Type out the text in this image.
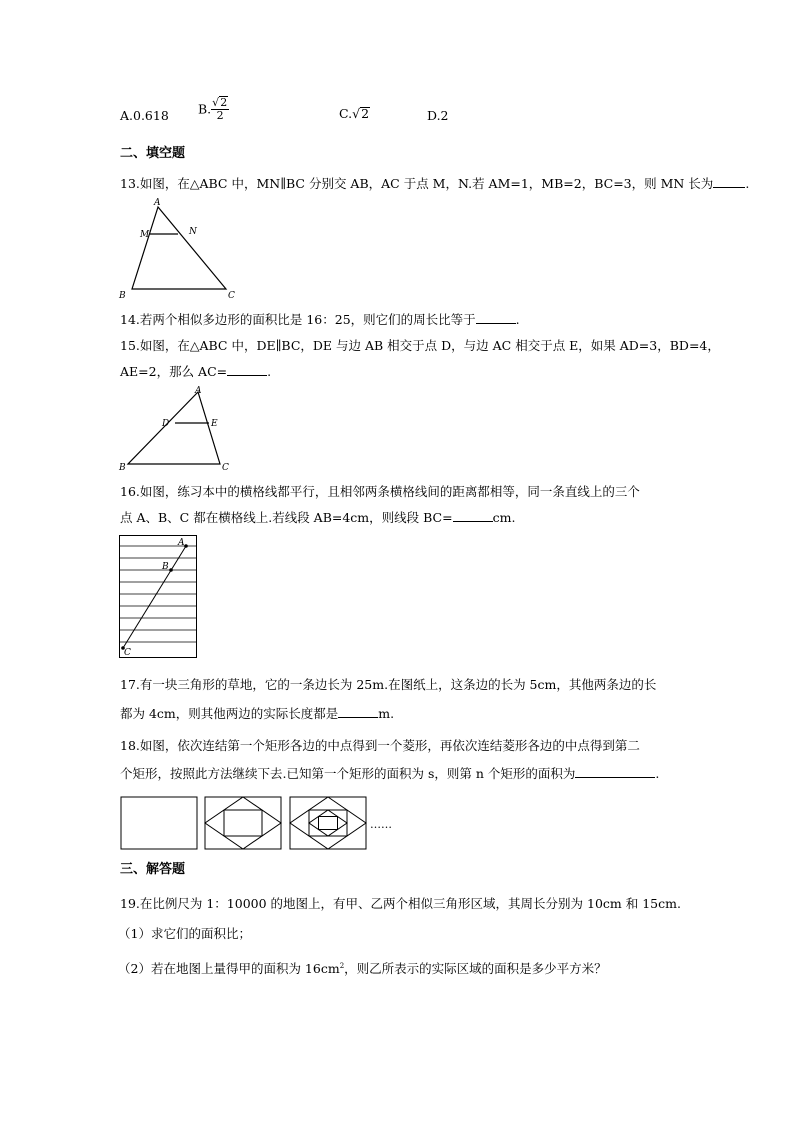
A.0.618 B. $\frac{√2}{2}$	C.√2	D.2
二、填空题
13.如图，在△ABC 中，MN∥BC 分别交 AB，AC 于点 M，N.若 AM=1，MB=2，BC=3，则 MN 长为	.
A
M	N
B	C
14.若两个相似多边形的面积比是 16：25，则它们的周长比等于	.
15.如图，在△ABC 中，DE∥BC，DE 与边 AB 相交于点 D，与边 AC 相交于点 E，如果 AD=3，BD=4，
AE=2，那么 AC=	.
A
D	E
B	C
16.如图，练习本中的横格线都平行，且相邻两条横格线间的距离都相等，同一条直线上的三个
点 A、B、C 都在横格线上.若线段 AB=4cm，则线段 BC=	cm.
A
B
C
17.有一块三角形的草地，它的一条边长为 25m.在图纸上，这条边的长为 5cm，其他两条边的长
都为 4cm，则其他两边的实际长度都是	m.
18.如图，依次连结第一个矩形各边的中点得到一个菱形，再依次连结菱形各边的中点得到第二
个矩形，按照此方法继续下去.已知第一个矩形的面积为 s，则第 n 个矩形的面积为	.
……
三、解答题
19.在比例尺为 1：10000 的地图上，有甲、乙两个相似三角形区域，其周长分别为 10cm 和 15cm.
（1）求它们的面积比；
（2）若在地图上量得甲的面积为 $16cm^2$，则乙所表示的实际区域的面积是多少平方米？
